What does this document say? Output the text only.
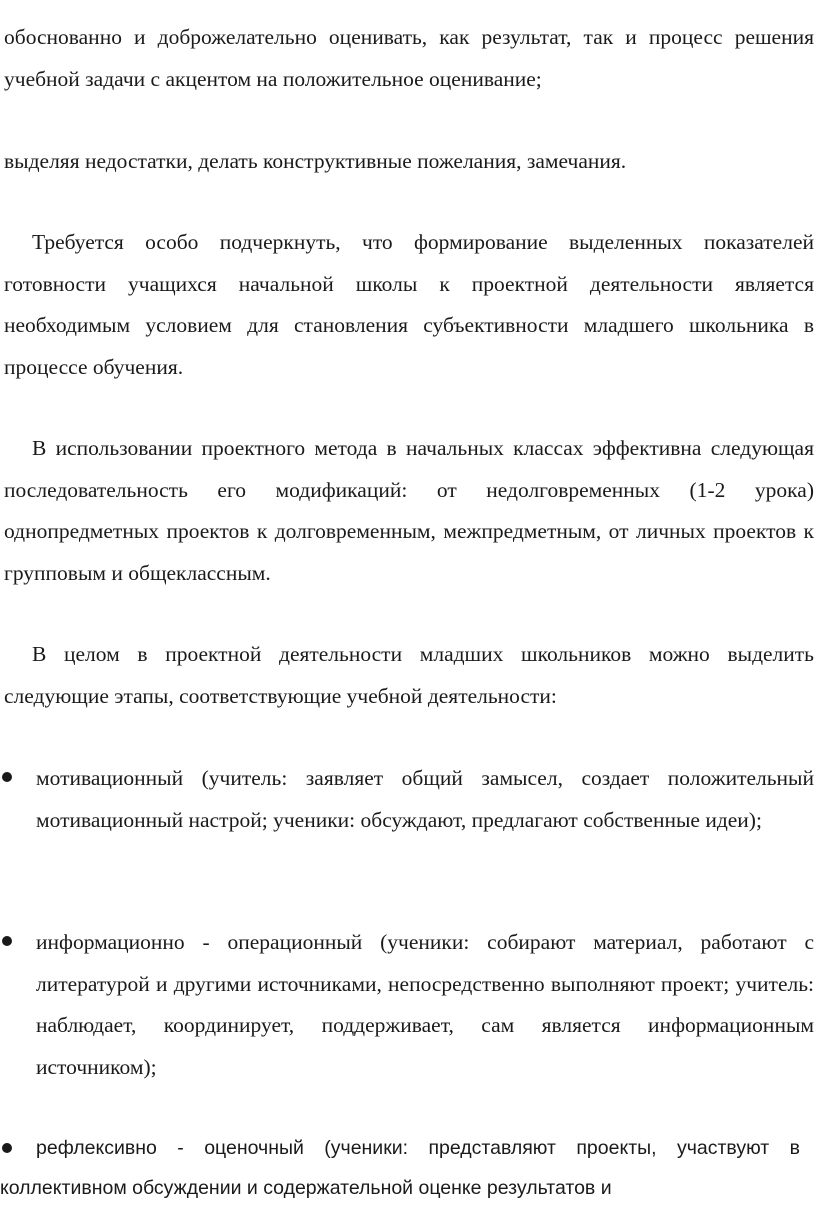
обоснованно и доброжелательно оценивать, как результат, так и процесс решения учебной задачи с акцентом на положительное оценивание;

выделяя недостатки, делать конструктивные пожелания, замечания.

Требуется особо подчеркнуть, что формирование выделенных показателей готовности учащихся начальной школы к проектной деятельности является необходимым условием для становления субъективности младшего школьника в процессе обучения.

В использовании проектного метода в начальных классах эффективна следующая последовательность его модификаций: от недолговременных (1-2 урока) однопредметных проектов к долговременным, межпредметным, от личных проектов к групповым и общеклассным.

В целом в проектной деятельности младших школьников можно выделить следующие этапы, соответствующие учебной деятельности:

мотивационный (учитель: заявляет общий замысел, создает положительный мотивационный настрой; ученики: обсуждают, предлагают собственные идеи);

информационно - операционный (ученики: собирают материал, работают с литературой и другими источниками, непосредственно выполняют проект; учитель: наблюдает, координирует, поддерживает, сам является информационным источником);

рефлексивно - оценочный (ученики: представляют проекты, участвуют в коллективном обсуждении и содержательной оценке результатов и
